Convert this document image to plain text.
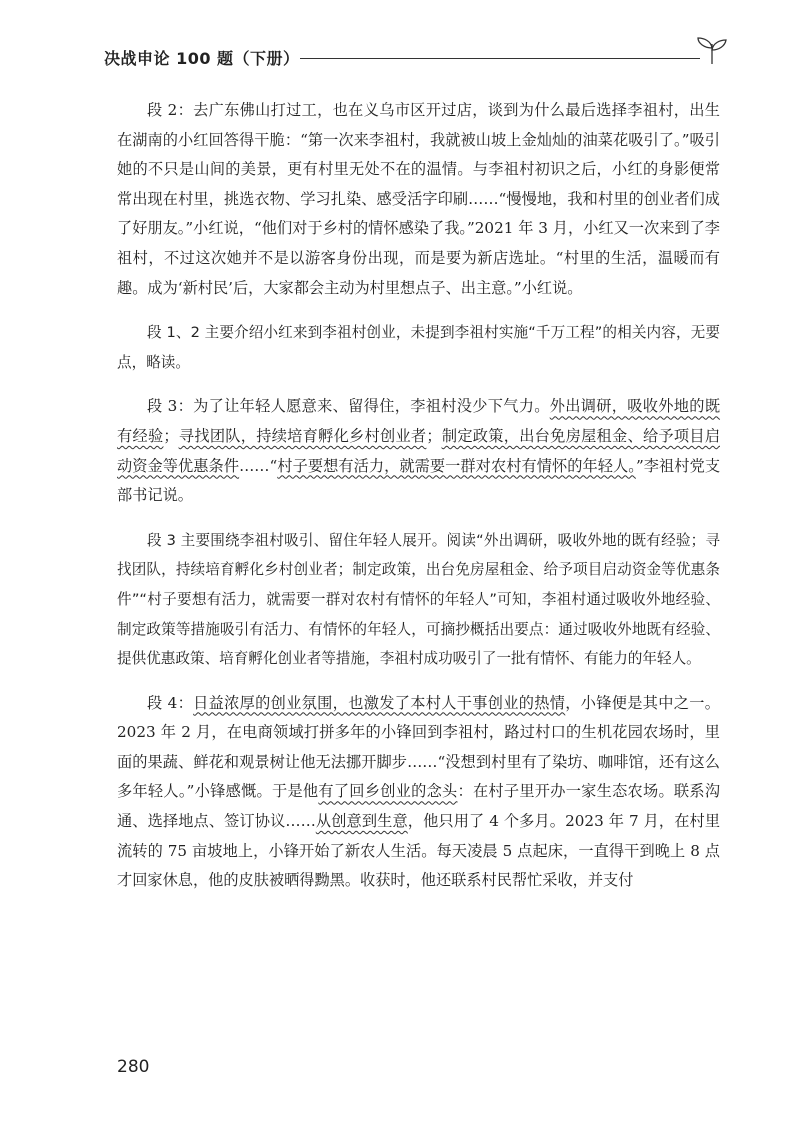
决战申论 100 题（下册）

段 2：去广东佛山打过工，也在义乌市区开过店，谈到为什么最后选择李祖村，出生在湖南的小红回答得干脆：“第一次来李祖村，我就被山坡上金灿灿的油菜花吸引了。”吸引她的不只是山间的美景，更有村里无处不在的温情。与李祖村初识之后，小红的身影便常常出现在村里，挑选衣物、学习扎染、感受活字印刷……“慢慢地，我和村里的创业者们成了好朋友。”小红说，“他们对于乡村的情怀感染了我。”2021 年 3 月，小红又一次来到了李祖村，不过这次她并不是以游客身份出现，而是要为新店选址。“村里的生活，温暖而有趣。成为‘新村民’后，大家都会主动为村里想点子、出主意。”小红说。

段 1、2 主要介绍小红来到李祖村创业，未提到李祖村实施“千万工程”的相关内容，无要点，略读。

段 3：为了让年轻人愿意来、留得住，李祖村没少下气力。外出调研，吸收外地的既有经验；寻找团队，持续培育孵化乡村创业者；制定政策，出台免房屋租金、给予项目启动资金等优惠条件……“村子要想有活力，就需要一群对农村有情怀的年轻人。”李祖村党支部书记说。

段 3 主要围绕李祖村吸引、留住年轻人展开。阅读“外出调研，吸收外地的既有经验；寻找团队，持续培育孵化乡村创业者；制定政策，出台免房屋租金、给予项目启动资金等优惠条件”“村子要想有活力，就需要一群对农村有情怀的年轻人”可知，李祖村通过吸收外地经验、制定政策等措施吸引有活力、有情怀的年轻人，可摘抄概括出要点：通过吸收外地既有经验、提供优惠政策、培育孵化创业者等措施，李祖村成功吸引了一批有情怀、有能力的年轻人。

段 4：日益浓厚的创业氛围，也激发了本村人干事创业的热情，小锋便是其中之一。2023 年 2 月，在电商领域打拼多年的小锋回到李祖村，路过村口的生机花园农场时，里面的果蔬、鲜花和观景树让他无法挪开脚步……“没想到村里有了染坊、咖啡馆，还有这么多年轻人。”小锋感慨。于是他有了回乡创业的念头：在村子里开办一家生态农场。联系沟通、选择地点、签订协议……从创意到生意，他只用了 4 个多月。2023 年 7 月，在村里流转的 75 亩坡地上，小锋开始了新农人生活。每天凌晨 5 点起床，一直得干到晚上 8 点才回家休息，他的皮肤被晒得黝黑。收获时，他还联系村民帮忙采收，并支付

280
